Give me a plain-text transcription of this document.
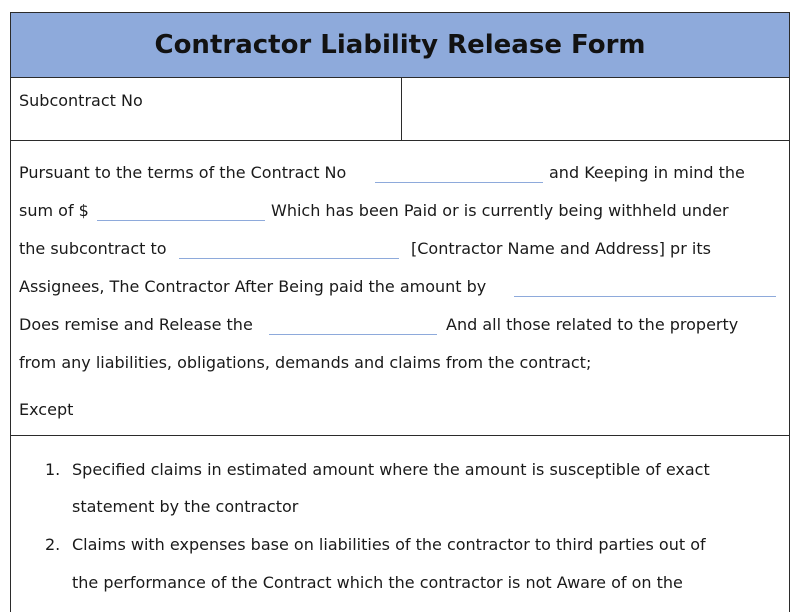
Contractor Liability Release Form
Subcontract No
Pursuant to the terms of the Contract No	and Keeping in mind the
sum of $	Which has been Paid or is currently being withheld under
the subcontract to	[Contractor Name and Address] pr its
Assignees, The Contractor After Being paid the amount by
Does remise and Release the	And all those related to the property
from any liabilities, obligations, demands and claims from the contract;
Except
1. Specified claims in estimated amount where the amount is susceptible of exact
statement by the contractor
2. Claims with expenses base on liabilities of the contractor to third parties out of
the performance of the Contract which the contractor is not Aware of on the
